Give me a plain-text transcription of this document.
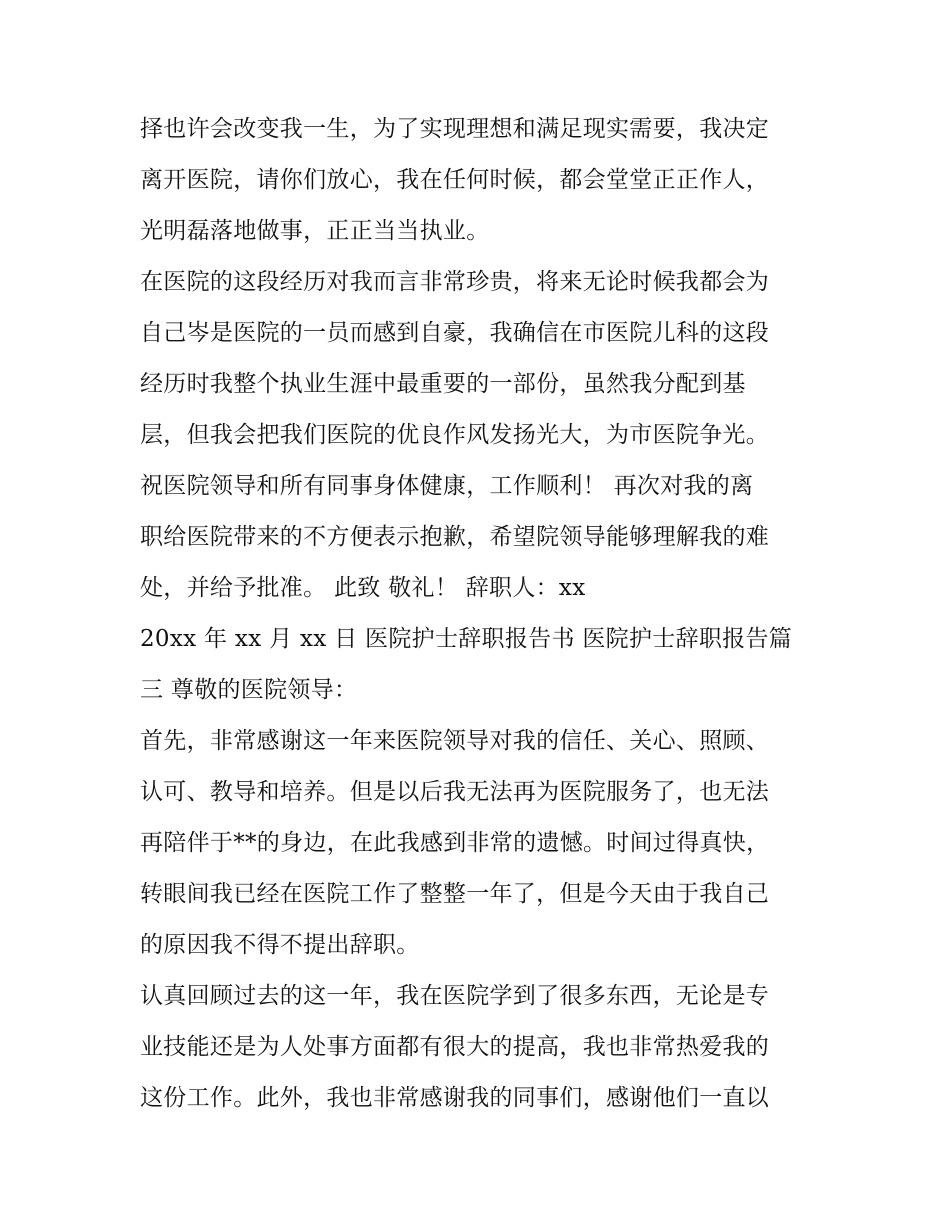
择也许会改变我一生，为了实现理想和满足现实需要，我决定
离开医院，请你们放心，我在任何时候，都会堂堂正正作人，
光明磊落地做事，正正当当执业。
在医院的这段经历对我而言非常珍贵，将来无论时候我都会为
自己岑是医院的一员而感到自豪，我确信在市医院儿科的这段
经历时我整个执业生涯中最重要的一部份，虽然我分配到基
层，但我会把我们医院的优良作风发扬光大，为市医院争光。
祝医院领导和所有同事身体健康，工作顺利！ 再次对我的离
职给医院带来的不方便表示抱歉，希望院领导能够理解我的难
处，并给予批准。 此致 敬礼！ 辞职人：xx
20xx 年 xx 月 xx 日 医院护士辞职报告书 医院护士辞职报告篇
三 尊敬的医院领导：
首先，非常感谢这一年来医院领导对我的信任、关心、照顾、
认可、教导和培养。但是以后我无法再为医院服务了，也无法
再陪伴于**的身边，在此我感到非常的遗憾。时间过得真快，
转眼间我已经在医院工作了整整一年了，但是今天由于我自己
的原因我不得不提出辞职。
认真回顾过去的这一年，我在医院学到了很多东西，无论是专
业技能还是为人处事方面都有很大的提高，我也非常热爱我的
这份工作。此外，我也非常感谢我的同事们，感谢他们一直以
